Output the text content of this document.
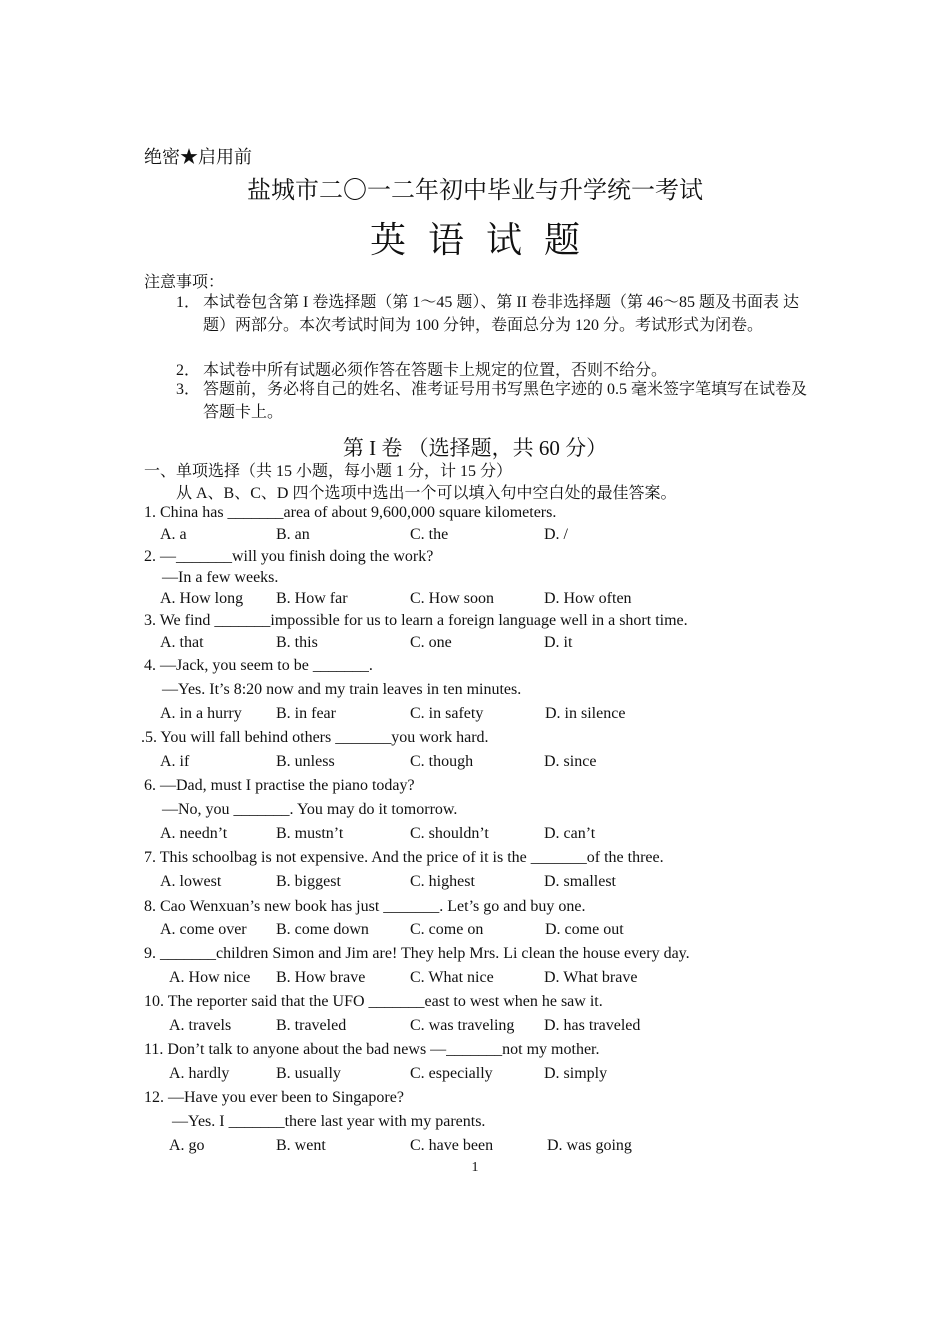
绝密★启用前
盐城市二〇一二年初中毕业与升学统一考试
英语试题
注意事项：
1． 本试卷包含第 I 卷选择题（第 1～45 题）、第 II 卷非选择题（第 46～85 题及书面表 达题）两部分。本次考试时间为 100 分钟，卷面总分为 120 分。考试形式为闭卷。
2． 本试卷中所有试题必须作答在答题卡上规定的位置，否则不给分。
3． 答题前，务必将自己的姓名、准考证号用书写黑色字迹的 0.5 毫米签字笔填写在试卷及答题卡上。
第 I 卷 （选择题，共 60 分）
一、单项选择（共 15 小题，每小题 1 分，计 15 分）
从 A、B、C、D 四个选项中选出一个可以填入句中空白处的最佳答案。
1. China has _______area of about 9,600,000 square kilometers.
A. a	B. an	C. the	D. /
2. —_______will you finish doing the work?
—In a few weeks.
A. How long B. How far	C. How soon	D. How often
3. We find _______impossible for us to learn a foreign language well in a short time.
A. that	B. this	C. one	D. it
4. —Jack, you seem to be _______.
—Yes. It’s 8:20 now and my train leaves in ten minutes.
A. in a hurry B. in fear	C. in safety	D. in silence
.5. You will fall behind others _______you work hard.
A. if	B. unless	C. though	D. since
6. —Dad, must I practise the piano today?
—No, you _______. You may do it tomorrow.
A. needn’t	B. mustn’t	C. shouldn’t	D. can’t
7. This schoolbag is not expensive. And the price of it is the _______of the three.
A. lowest	B. biggest	C. highest	D. smallest
8. Cao Wenxuan’s new book has just _______. Let’s go and buy one.
A. come over B. come down	C. come on	D. come out
9. _______children Simon and Jim are! They help Mrs. Li clean the house every day.
A. How nice B. How brave	C. What nice	D. What brave
10. The reporter said that the UFO _______east to west when he saw it.
A. travels	B. traveled	C. was traveling D. has traveled
11. Don’t talk to anyone about the bad news —_______not my mother.
A. hardly	B. usually	C. especially	D. simply
12. —Have you ever been to Singapore?
—Yes. I _______there last year with my parents.
A. go	B. went	C. have been	D. was going
1
